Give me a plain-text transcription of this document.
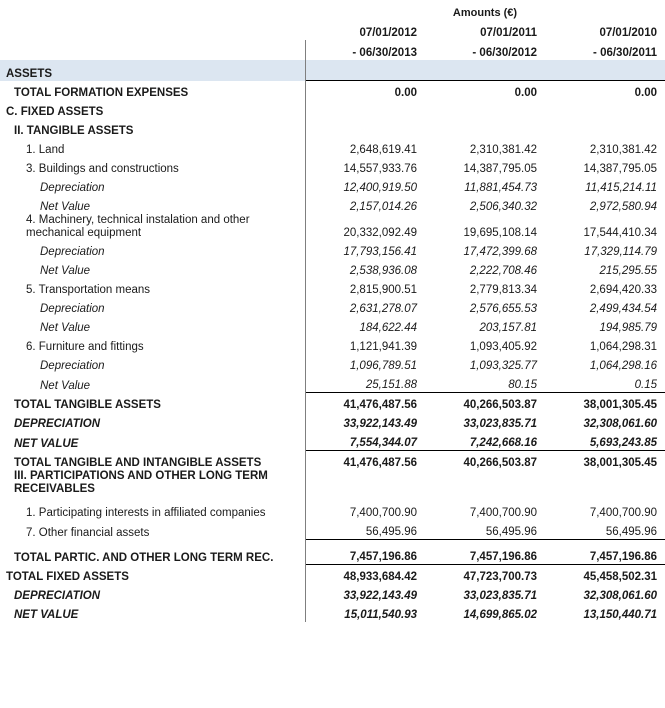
	Amounts (€)		
	07/01/2012	07/01/2011	07/01/2010
	- 06/30/2013	- 06/30/2012	- 06/30/2011
ASSETS			
TOTAL FORMATION EXPENSES	0.00	0.00	0.00
C. FIXED ASSETS			
II. TANGIBLE ASSETS			
1. Land	2,648,619.41	2,310,381.42	2,310,381.42
3. Buildings and constructions	14,557,933.76	14,387,795.05	14,387,795.05
Depreciation	12,400,919.50	11,881,454.73	11,415,214.11
Net Value	2,157,014.26	2,506,340.32	2,972,580.94
4. Machinery, technical instalation and other mechanical equipment	20,332,092.49	19,695,108.14	17,544,410.34
Depreciation	17,793,156.41	17,472,399.68	17,329,114.79
Net Value	2,538,936.08	2,222,708.46	215,295.55
5. Transportation means	2,815,900.51	2,779,813.34	2,694,420.33
Depreciation	2,631,278.07	2,576,655.53	2,499,434.54
Net Value	184,622.44	203,157.81	194,985.79
6. Furniture and fittings	1,121,941.39	1,093,405.92	1,064,298.31
Depreciation	1,096,789.51	1,093,325.77	1,064,298.16
Net Value	25,151.88	80.15	0.15
TOTAL TANGIBLE ASSETS	41,476,487.56	40,266,503.87	38,001,305.45
DEPRECIATION	33,922,143.49	33,023,835.71	32,308,061.60
NET VALUE	7,554,344.07	7,242,668.16	5,693,243.85
TOTAL TANGIBLE AND INTANGIBLE ASSETS	41,476,487.56	40,266,503.87	38,001,305.45
III. PARTICIPATIONS AND OTHER LONG TERM RECEIVABLES			
1. Participating interests in affiliated companies	7,400,700.90	7,400,700.90	7,400,700.90
7. Other financial assets	56,495.96	56,495.96	56,495.96
TOTAL PARTIC. AND OTHER LONG TERM REC.	7,457,196.86	7,457,196.86	7,457,196.86
TOTAL FIXED ASSETS	48,933,684.42	47,723,700.73	45,458,502.31
DEPRECIATION	33,922,143.49	33,023,835.71	32,308,061.60
NET VALUE	15,011,540.93	14,699,865.02	13,150,440.71
